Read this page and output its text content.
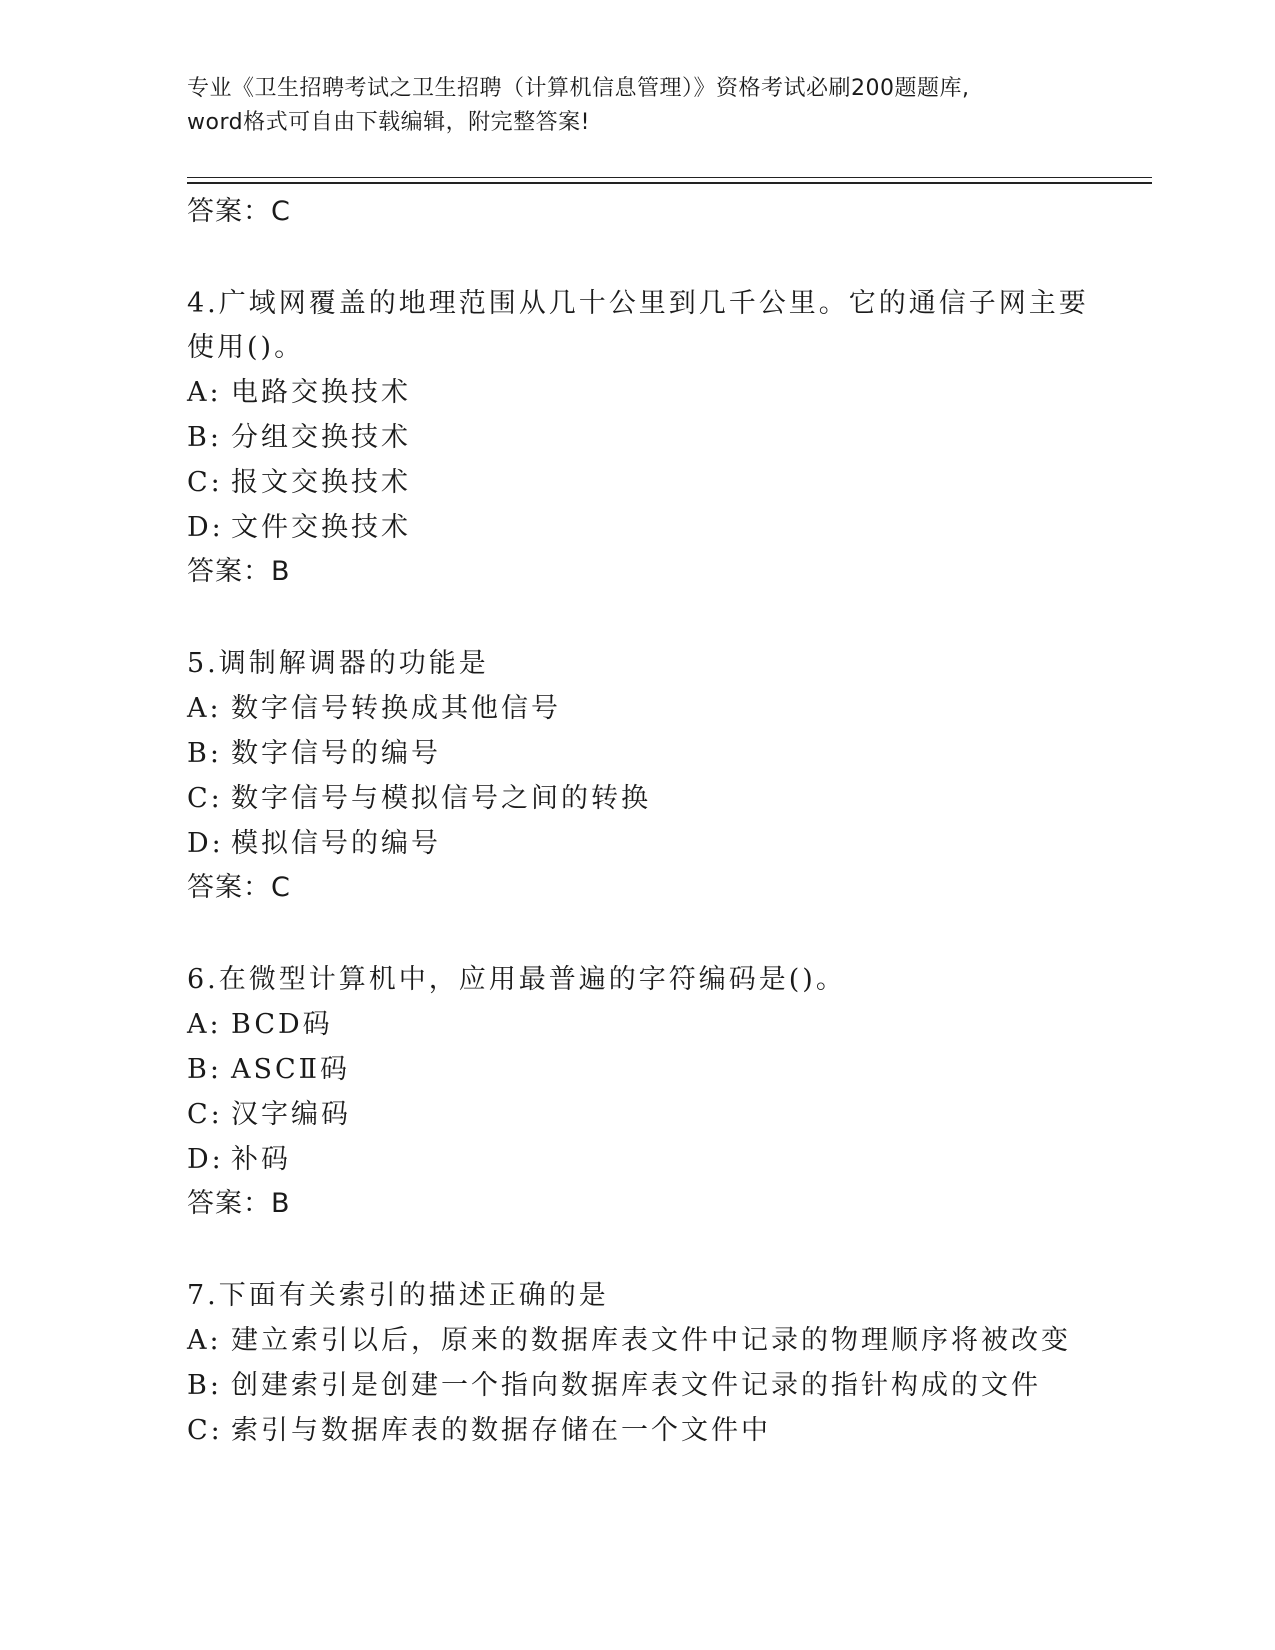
专业《卫生招聘考试之卫生招聘（计算机信息管理）》资格考试必刷200题题库,
word格式可自由下载编辑，附完整答案!
答案：C
4.广域网覆盖的地理范围从几十公里到几千公里。它的通信子网主要
使用()。
A: 电路交换技术
B: 分组交换技术
C: 报文交换技术
D: 文件交换技术
答案：B
5.调制解调器的功能是
A: 数字信号转换成其他信号
B: 数字信号的编号
C: 数字信号与模拟信号之间的转换
D: 模拟信号的编号
答案：C
6.在微型计算机中，应用最普遍的字符编码是()。
A: BCD码
B: ASCⅡ码
C: 汉字编码
D: 补码
答案：B
7.下面有关索引的描述正确的是
A: 建立索引以后，原来的数据库表文件中记录的物理顺序将被改变
B: 创建索引是创建一个指向数据库表文件记录的指针构成的文件
C: 索引与数据库表的数据存储在一个文件中
